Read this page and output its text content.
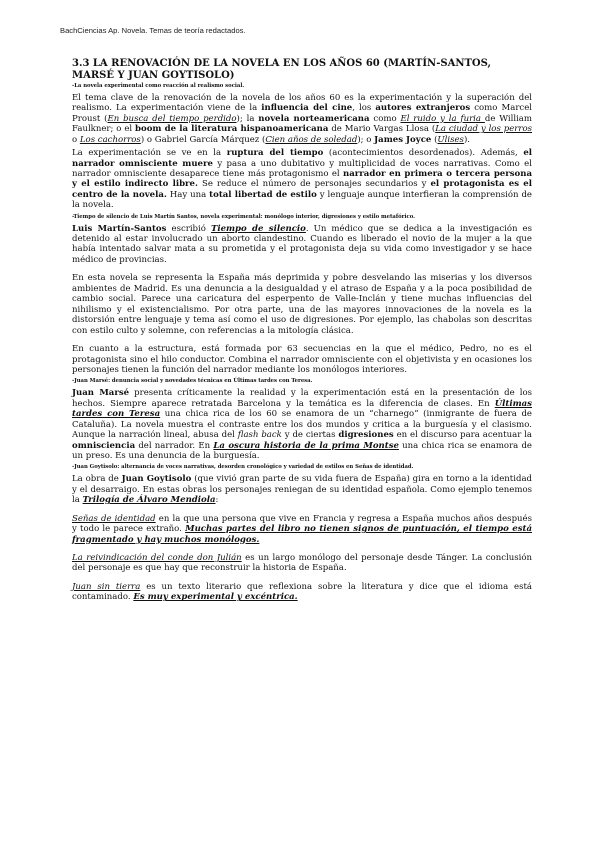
BachCiencias Ap. Novela. Temas de teoría redactados.
3.3 LA RENOVACIÓN DE LA NOVELA EN LOS AÑOS 60 (MARTÍN-SANTOS, MARSÉ Y JUAN GOYTISOLO)
-La novela experimental como reacción al realismo social.

El tema clave de la renovación de la novela de los años 60 es la experimentación y la superación del realismo. La experimentación viene de la influencia del cine, los autores extranjeros como Marcel Proust (En busca del tiempo perdido); la novela norteamericana como El ruido y la furia de William Faulkner; o el boom de la literatura hispanoamericana de Mario Vargas Llosa (La ciudad y los perros o Los cachorros) o Gabriel García Márquez (Cien años de soledad); o James Joyce (Ulises).

La experimentación se ve en la ruptura del tiempo (acontecimientos desordenados). Además, el narrador omnisciente muere y pasa a uno dubitativo y multiplicidad de voces narrativas. Como el narrador omnisciente desaparece tiene más protagonismo el narrador en primera o tercera persona y el estilo indirecto libre. Se reduce el número de personajes secundarios y el protagonista es el centro de la novela. Hay una total libertad de estilo y lenguaje aunque interfieran la comprensión de la novela.

-Tiempo de silencio de Luis Martín Santos, novela experimental: monólogo interior, digresiones y estilo metafórico.

Luis Martín-Santos escribió Tiempo de silencio. Un médico que se dedica a la investigación es detenido al estar involucrado un aborto clandestino. Cuando es liberado el novio de la mujer a la que había intentado salvar mata a su prometida y el protagonista deja su vida como investigador y se hace médico de provincias.

En esta novela se representa la España más deprimida y pobre desvelando las miserias y los diversos ambientes de Madrid. Es una denuncia a la desigualdad y el atraso de España y a la poca posibilidad de cambio social. Parece una caricatura del esperpento de Valle-Inclán y tiene muchas influencias del nihilismo y el existencialismo. Por otra parte, una de las mayores innovaciones de la novela es la distorsión entre lenguaje y tema así como el uso de digresiones. Por ejemplo, las chabolas son descritas con estilo culto y solemne, con referencias a la mitología clásica.

En cuanto a la estructura, está formada por 63 secuencias en la que el médico, Pedro, no es el protagonista sino el hilo conductor. Combina el narrador omnisciente con el objetivista y en ocasiones los personajes tienen la función del narrador mediante los monólogos interiores.

-Juan Marsé: denuncia social y novedades técnicas en Últimas tardes con Teresa.

Juan Marsé presenta críticamente la realidad y la experimentación está en la presentación de los hechos. Siempre aparece retratada Barcelona y la temática es la diferencia de clases. En Últimas tardes con Teresa una chica rica de los 60 se enamora de un “charnego” (inmigrante de fuera de Cataluña). La novela muestra el contraste entre los dos mundos y critica a la burguesía y el clasismo. Aunque la narración lineal, abusa del flash back y de ciertas digresiones en el discurso para acentuar la omnisciencia del narrador. En La oscura historia de la prima Montse una chica rica se enamora de un preso. Es una denuncia de la burguesía.

-Juan Goytisolo: alternancia de voces narrativas, desorden cronológico y variedad de estilos en Señas de identidad.

La obra de Juan Goytisolo (que vivió gran parte de su vida fuera de España) gira en torno a la identidad y el desarraigo. En estas obras los personajes reniegan de su identidad española. Como ejemplo tenemos la Trilogía de Álvaro Mendiola:

Señas de identidad en la que una persona que vive en Francia y regresa a España muchos años después y todo le parece extraño. Muchas partes del libro no tienen signos de puntuación, el tiempo está fragmentado y hay muchos monólogos.

La reivindicación del conde don Julián es un largo monólogo del personaje desde Tánger. La conclusión del personaje es que hay que reconstruir la historia de España.

Juan sin tierra es un texto literario que reflexiona sobre la literatura y dice que el idioma está contaminado. Es muy experimental y excéntrica.
